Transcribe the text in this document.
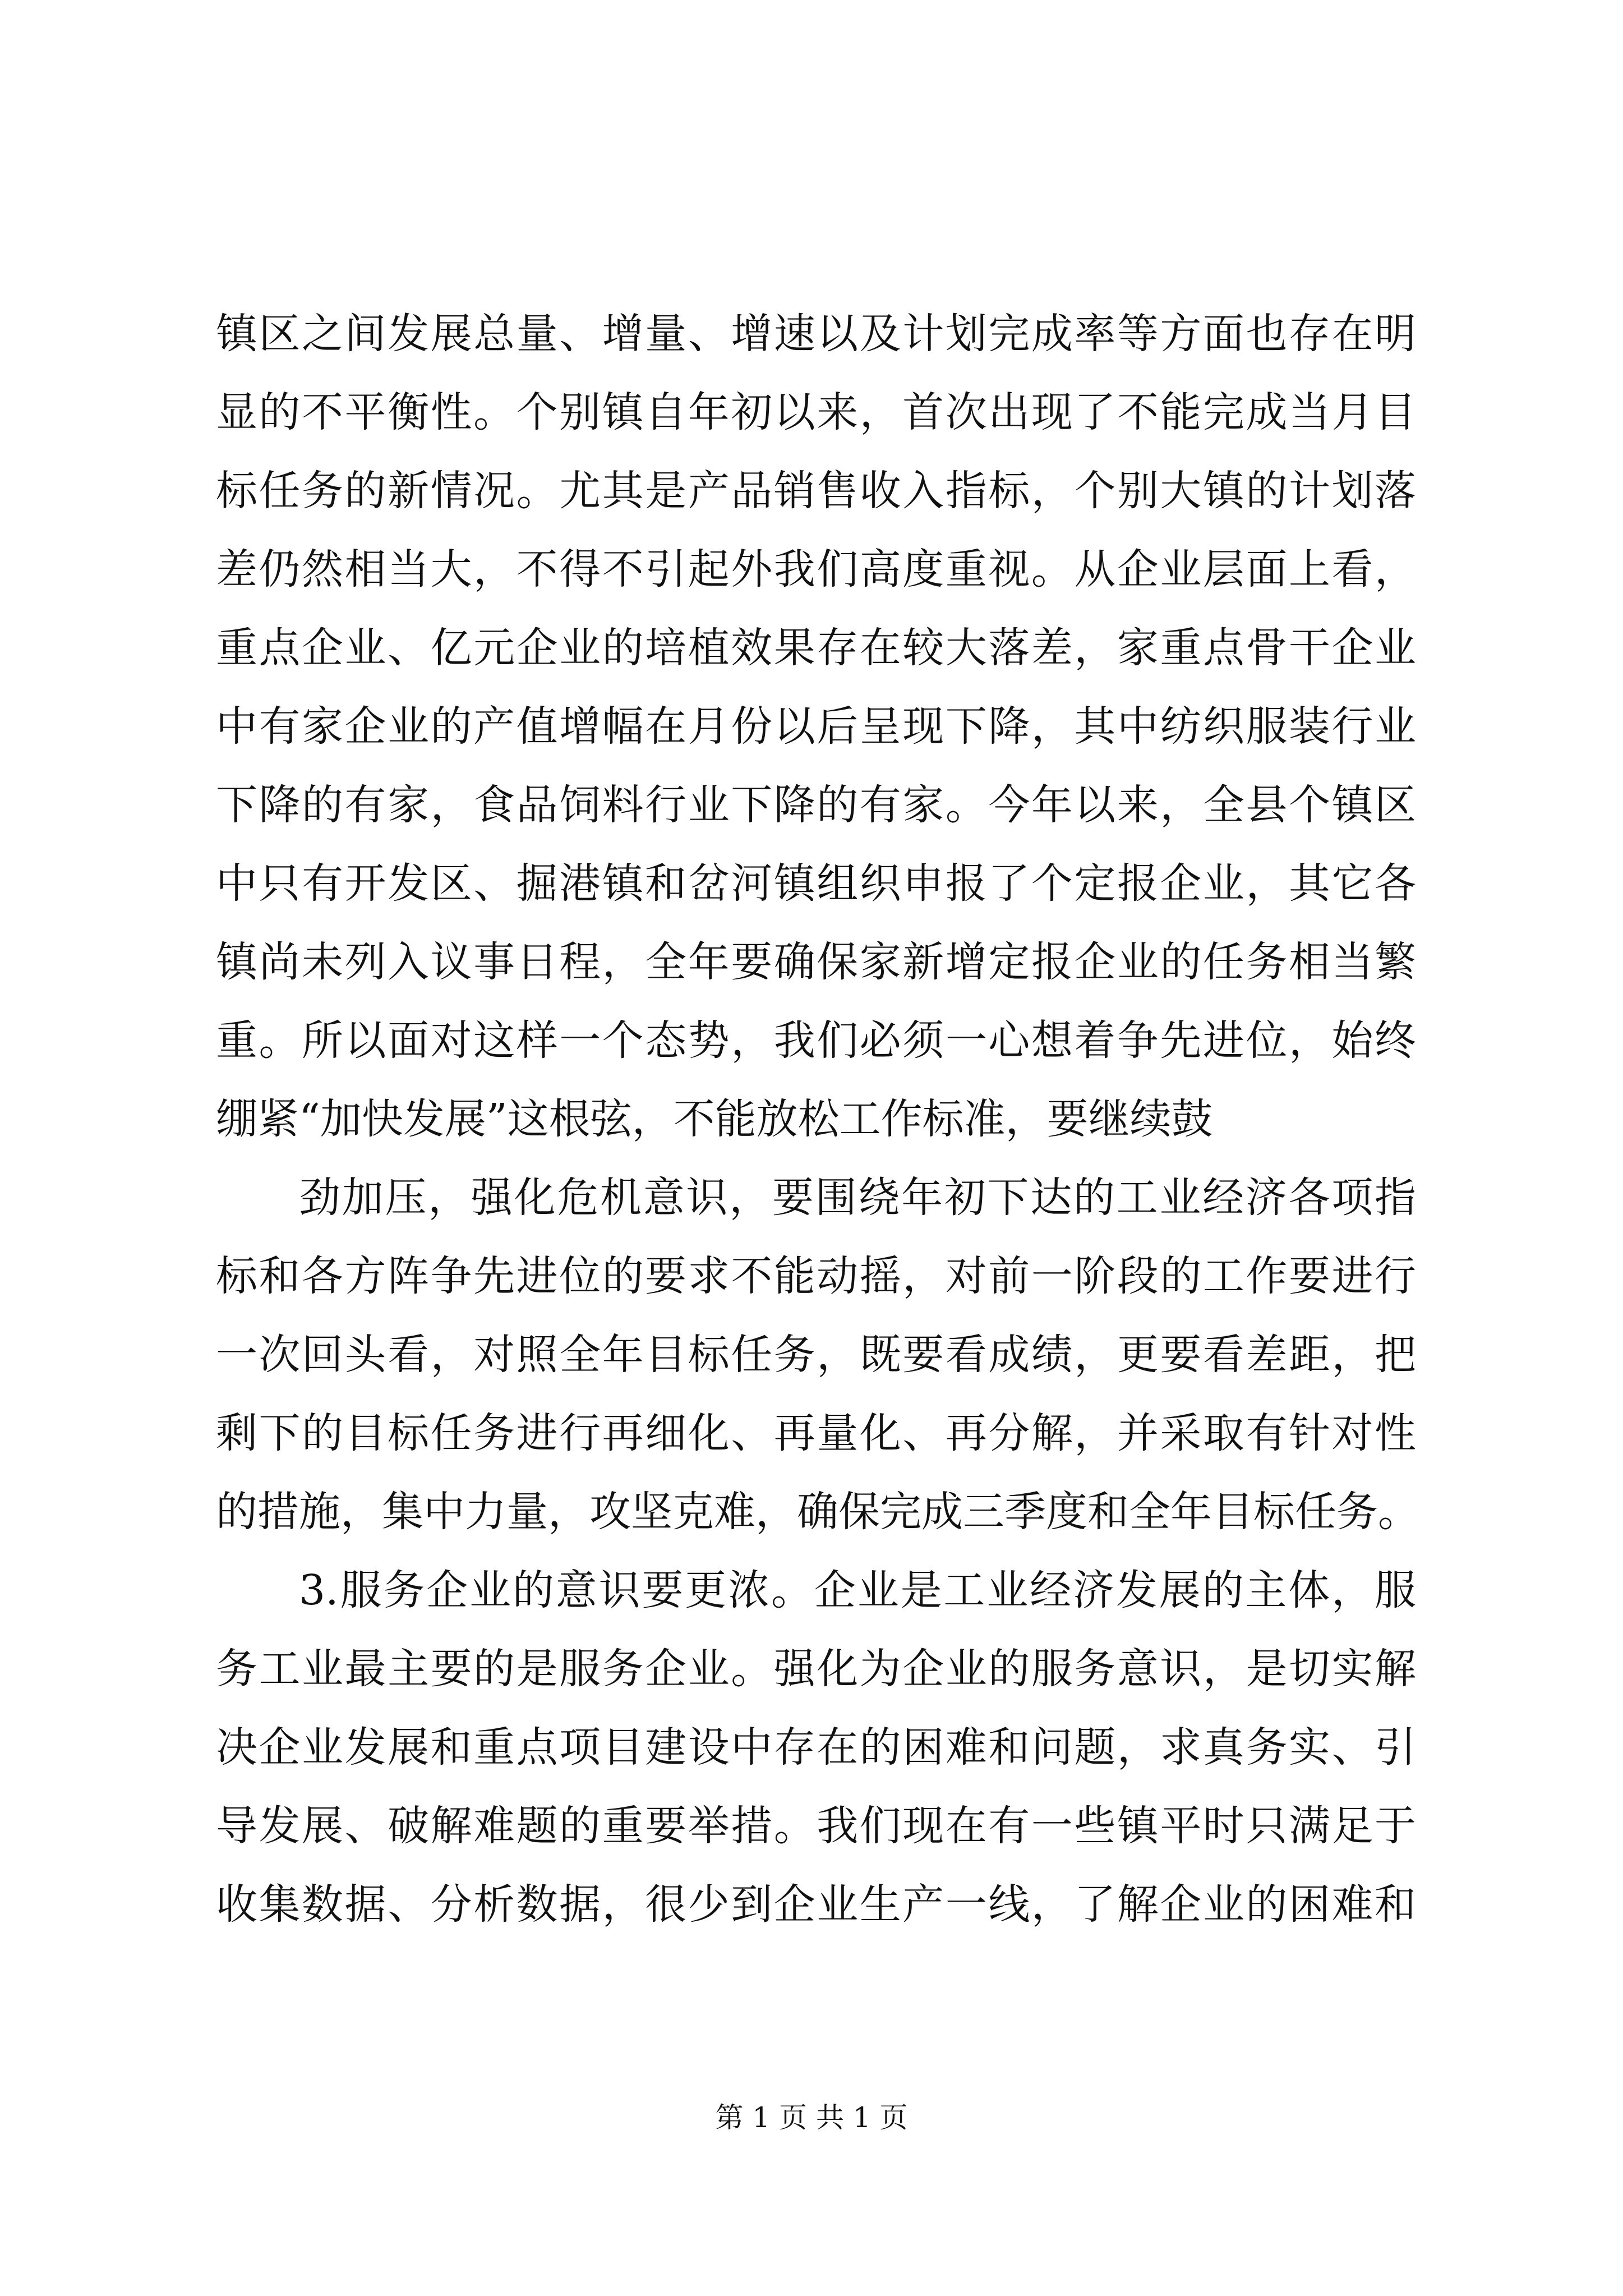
镇区之间发展总量、增量、增速以及计划完成率等方面也存在明
显的不平衡性。个别镇自年初以来，首次出现了不能完成当月目
标任务的新情况。尤其是产品销售收入指标，个别大镇的计划落
差仍然相当大，不得不引起外我们高度重视。从企业层面上看，
重点企业、亿元企业的培植效果存在较大落差，家重点骨干企业
中有家企业的产值增幅在月份以后呈现下降，其中纺织服装行业
下降的有家，食品饲料行业下降的有家。今年以来，全县个镇区
中只有开发区、掘港镇和岔河镇组织申报了个定报企业，其它各
镇尚未列入议事日程，全年要确保家新增定报企业的任务相当繁
重。所以面对这样一个态势，我们必须一心想着争先进位，始终
绷紧“加快发展”这根弦，不能放松工作标准，要继续鼓
劲加压，强化危机意识，要围绕年初下达的工业经济各项指
标和各方阵争先进位的要求不能动摇，对前一阶段的工作要进行
一次回头看，对照全年目标任务，既要看成绩，更要看差距，把
剩下的目标任务进行再细化、再量化、再分解，并采取有针对性
的措施，集中力量，攻坚克难，确保完成三季度和全年目标任务。
3.服务企业的意识要更浓。企业是工业经济发展的主体，服
务工业最主要的是服务企业。强化为企业的服务意识，是切实解
决企业发展和重点项目建设中存在的困难和问题，求真务实、引
导发展、破解难题的重要举措。我们现在有一些镇平时只满足于
收集数据、分析数据，很少到企业生产一线，了解企业的困难和
第 1 页 共 1 页
